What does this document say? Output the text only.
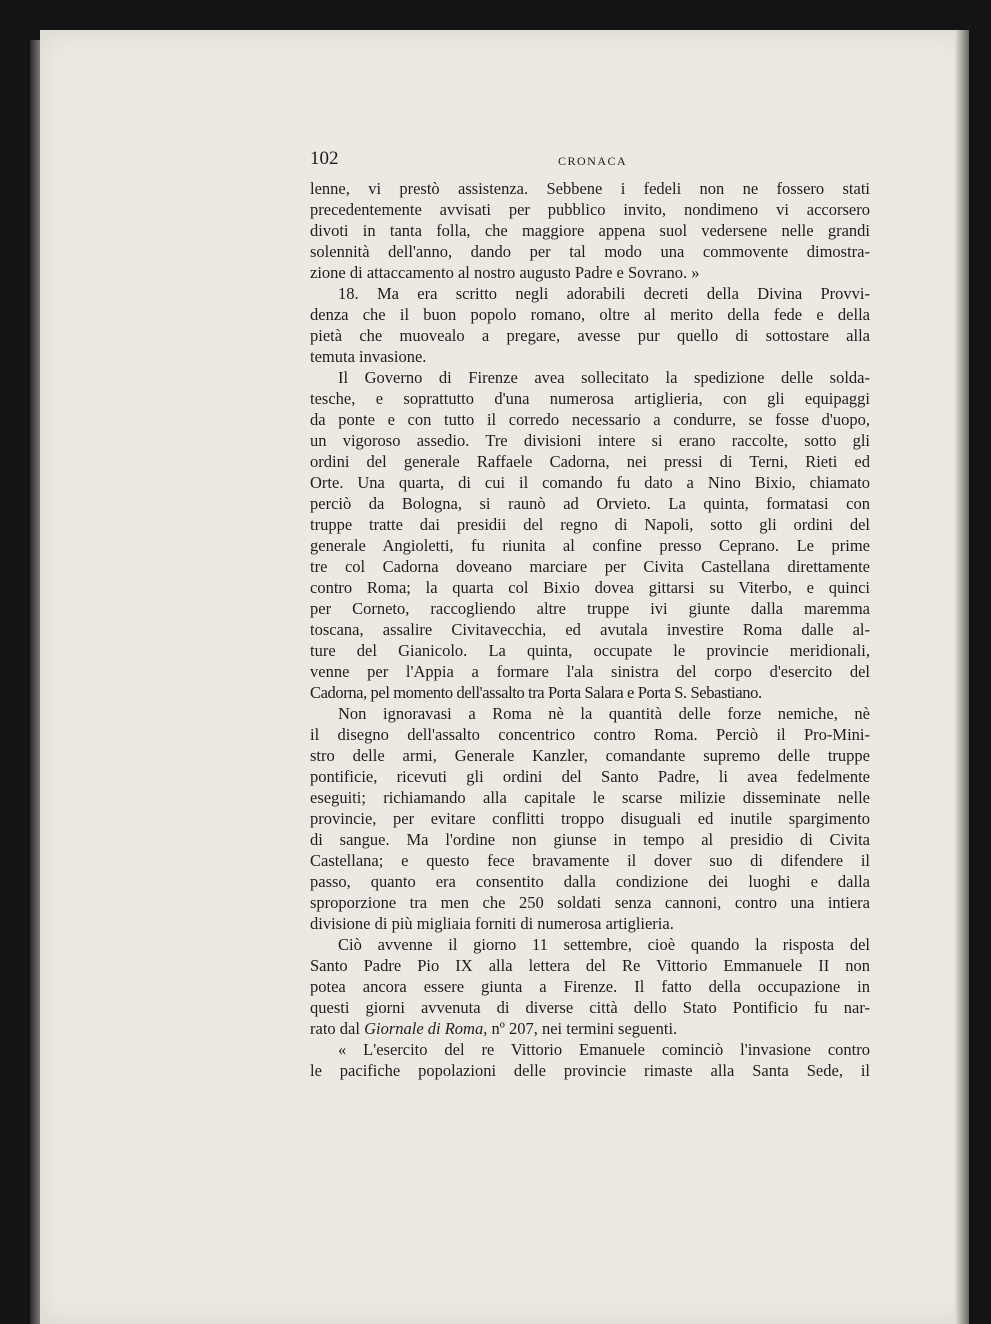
102	CRONACA
lenne, vi prestò assistenza. Sebbene i fedeli non ne fossero stati
precedentemente avvisati per pubblico invito, nondimeno vi accorsero
divoti in tanta folla, che maggiore appena suol vedersene nelle grandi
solennità dell'anno, dando per tal modo una commovente dimostra-
zione di attaccamento al nostro augusto Padre e Sovrano. »
18. Ma era scritto negli adorabili decreti della Divina Provvi-
denza che il buon popolo romano, oltre al merito della fede e della
pietà che muovealo a pregare, avesse pur quello di sottostare alla
temuta invasione.
Il Governo di Firenze avea sollecitato la spedizione delle solda-
tesche, e soprattutto d'una numerosa artiglieria, con gli equipaggi
da ponte e con tutto il corredo necessario a condurre, se fosse d'uopo,
un vigoroso assedio. Tre divisioni intere si erano raccolte, sotto gli
ordini del generale Raffaele Cadorna, nei pressi di Terni, Rieti ed
Orte. Una quarta, di cui il comando fu dato a Nino Bixio, chiamato
perciò da Bologna, si raunò ad Orvieto. La quinta, formatasi con
truppe tratte dai presidii del regno di Napoli, sotto gli ordini del
generale Angioletti, fu riunita al confine presso Ceprano. Le prime
tre col Cadorna doveano marciare per Civita Castellana direttamente
contro Roma; la quarta col Bixio dovea gittarsi su Viterbo, e quinci
per Corneto, raccogliendo altre truppe ivi giunte dalla maremma
toscana, assalire Civitavecchia, ed avutala investire Roma dalle al-
ture del Gianicolo. La quinta, occupate le provincie meridionali,
venne per l'Appia a formare l'ala sinistra del corpo d'esercito del
Cadorna, pel momento dell'assalto tra Porta Salara e Porta S. Sebastiano.
Non ignoravasi a Roma nè la quantità delle forze nemiche, nè
il disegno dell'assalto concentrico contro Roma. Perciò il Pro-Mini-
stro delle armi, Generale Kanzler, comandante supremo delle truppe
pontificie, ricevuti gli ordini del Santo Padre, li avea fedelmente
eseguiti; richiamando alla capitale le scarse milizie disseminate nelle
provincie, per evitare conflitti troppo disuguali ed inutile spargimento
di sangue. Ma l'ordine non giunse in tempo al presidio di Civita
Castellana; e questo fece bravamente il dover suo di difendere il
passo, quanto era consentito dalla condizione dei luoghi e dalla
sproporzione tra men che 250 soldati senza cannoni, contro una intiera
divisione di più migliaia forniti di numerosa artiglieria.
Ciò avvenne il giorno 11 settembre, cioè quando la risposta del
Santo Padre Pio IX alla lettera del Re Vittorio Emmanuele II non
potea ancora essere giunta a Firenze. Il fatto della occupazione in
questi giorni avvenuta di diverse città dello Stato Pontificio fu nar-
rato dal Giornale di Roma, nº 207, nei termini seguenti.
« L'esercito del re Vittorio Emanuele cominciò l'invasione contro
le pacifiche popolazioni delle provincie rimaste alla Santa Sede, il
